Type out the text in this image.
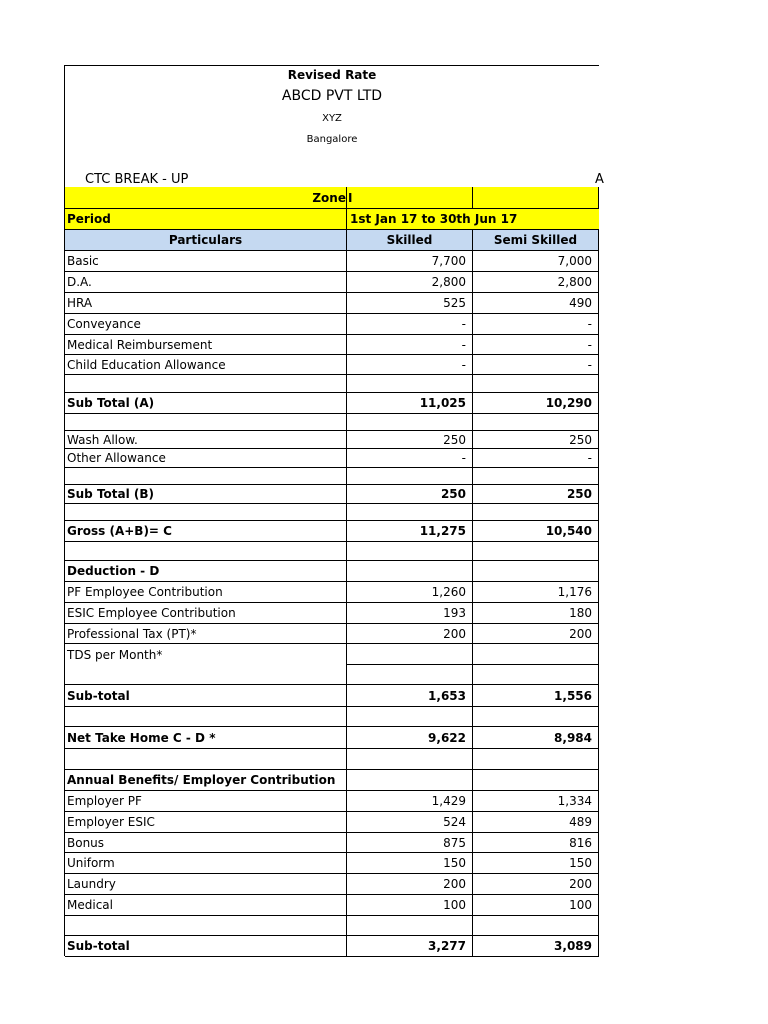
Revised Rate
ABCD PVT LTD
XYZ
Bangalore
CTC BREAK - UP	A
Zone I
Period	1st Jan 17 to 30th Jun 17
Particulars	Skilled	Semi Skilled
Basic	7,700	7,000
D.A.	2,800	2,800
HRA	525	490
Conveyance	-	-
Medical Reimbursement	-	-
Child Education Allowance	-	-
Sub Total (A)	11,025	10,290
Wash Allow.	250	250
Other Allowance	-	-
Sub Total (B)	250	250
Gross (A+B)= C	11,275	10,540
Deduction - D
PF Employee Contribution	1,260	1,176
ESIC Employee Contribution	193	180
Professional Tax (PT)*	200	200
TDS per Month*
Sub-total	1,653	1,556
Net Take Home C - D *	9,622	8,984
Annual Benefits/ Employer Contribution
Employer PF	1,429	1,334
Employer ESIC	524	489
Bonus	875	816
Uniform	150	150
Laundry	200	200
Medical	100	100
Sub-total	3,277	3,089
